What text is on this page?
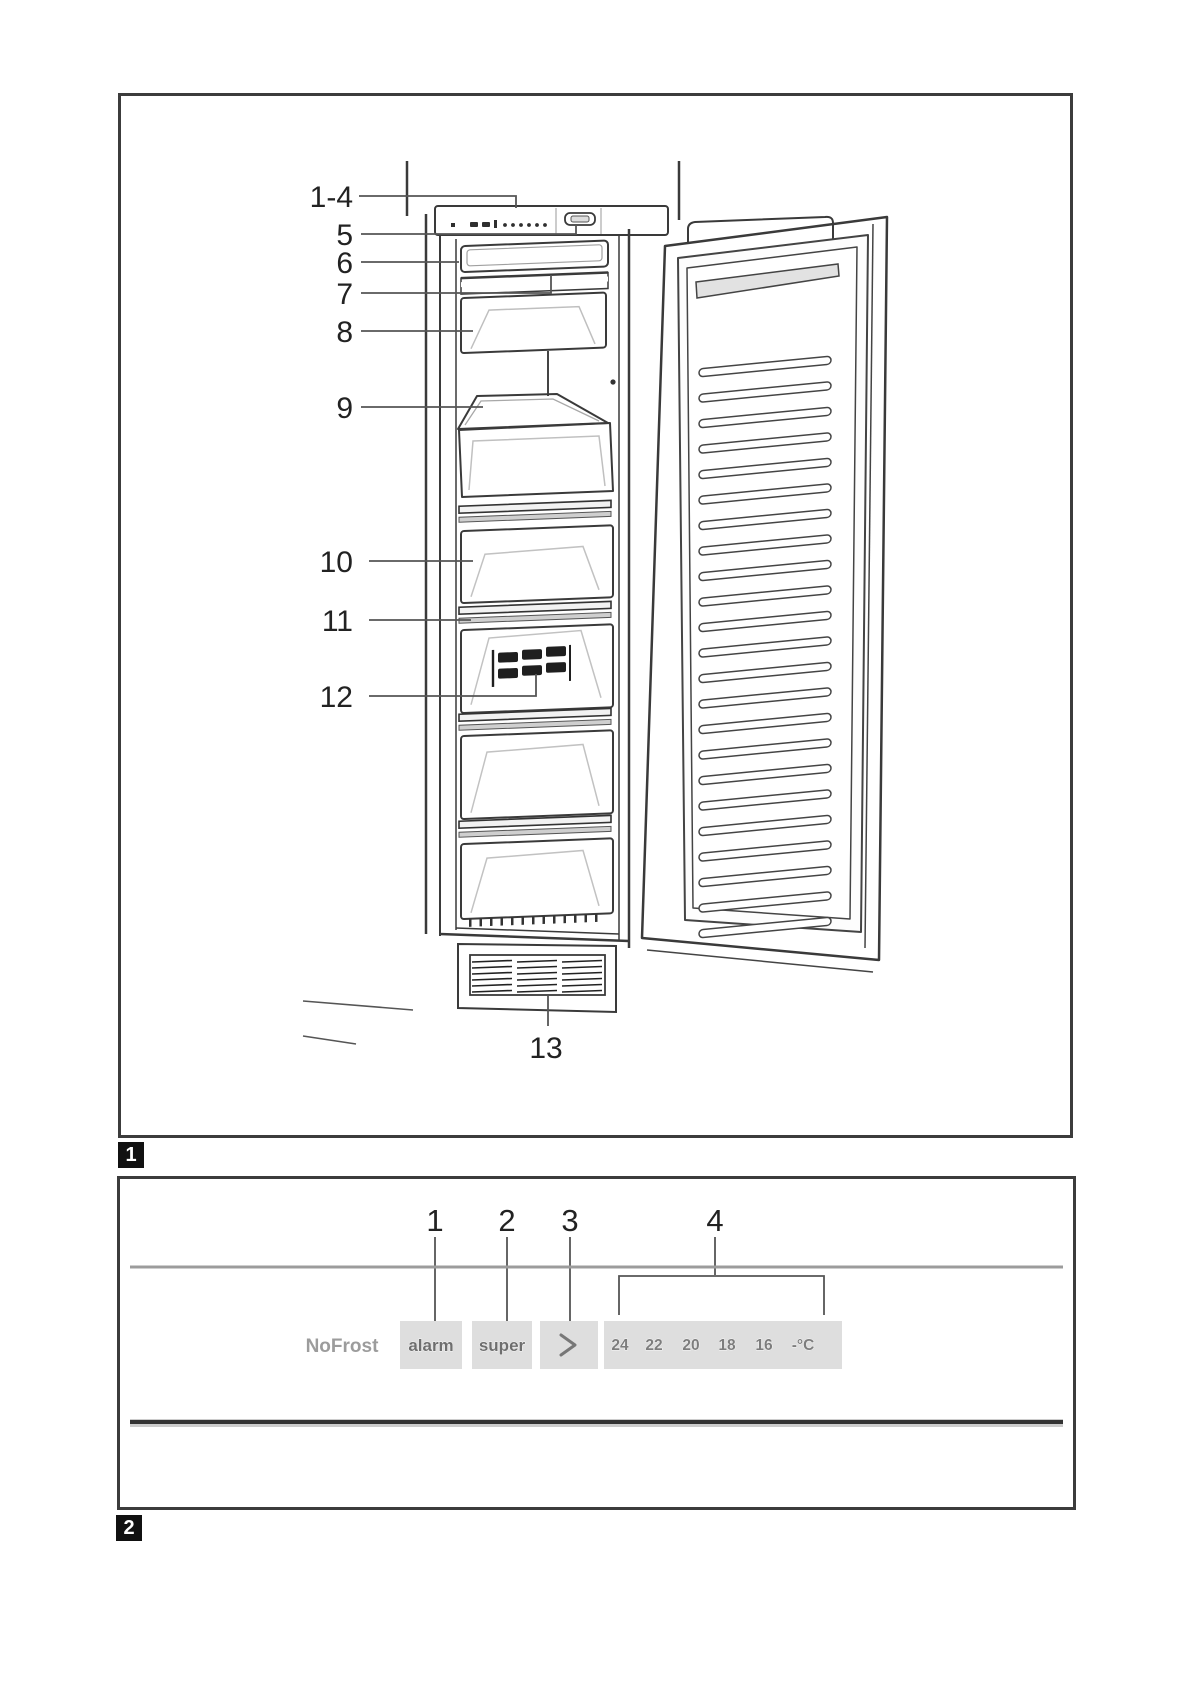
1-4
5
6
7
8
9
10
11
12
13
1
1 2 3	4
NoFrost alarm super	24 22 20 18 16 -°C
2
